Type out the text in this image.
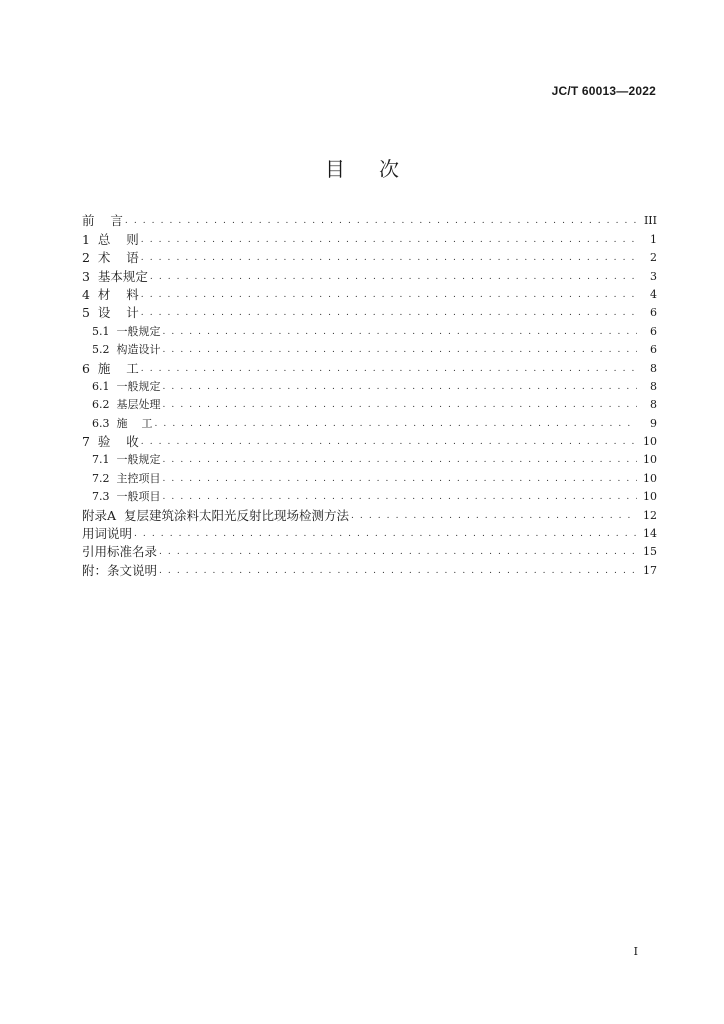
JC/T 60013—2022
目次
前    言 . . .	III
1  总    则 . . .	1
2  术    语 . . .	2
3  基本规定 . . .	3
4  材    料 . . .	4
5  设    计 . . .	6
5.1  一般规定 . . .	6
5.2  构造设计 . . .	6
6  施    工 . . .	8
6.1  一般规定 . . .	8
6.2  基层处理 . . .	8
6.3  施    工 . . .	9
7  验    收 . . .	10
7.1  一般规定 . . .	10
7.2  主控项目 . . .	10
7.3  一般项目 . . .	10
附录A  复层建筑涂料太阳光反射比现场检测方法 . . .	12
用词说明 . . .	14
引用标准名录 . . .	15
附：条文说明 . . .	17
I
